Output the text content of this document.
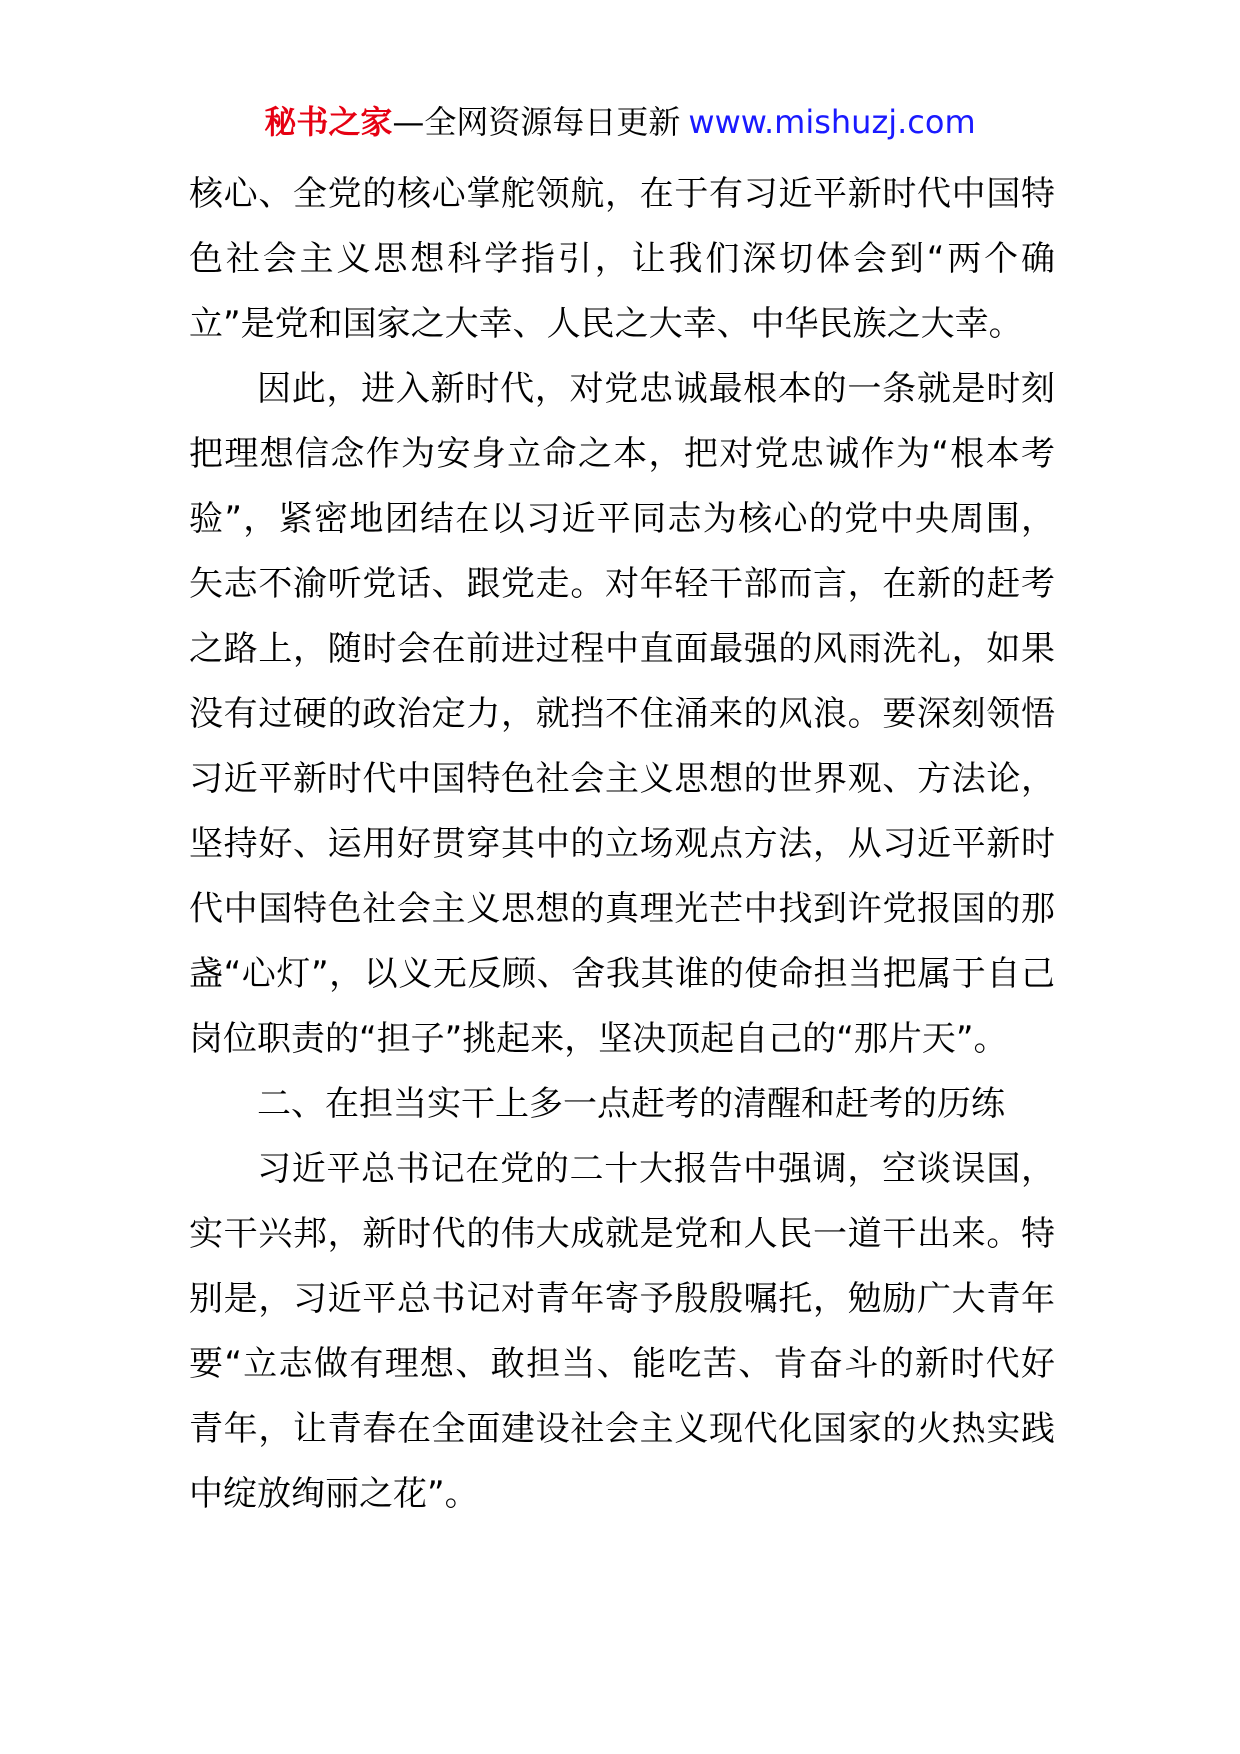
秘书之家—全网资源每日更新 www.mishuzj.com

核心、全党的核心掌舵领航，在于有习近平新时代中国特色社会主义思想科学指引，让我们深切体会到“两个确立”是党和国家之大幸、人民之大幸、中华民族之大幸。

因此，进入新时代，对党忠诚最根本的一条就是时刻把理想信念作为安身立命之本，把对党忠诚作为“根本考验”，紧密地团结在以习近平同志为核心的党中央周围，矢志不渝听党话、跟党走。对年轻干部而言，在新的赶考之路上，随时会在前进过程中直面最强的风雨洗礼，如果没有过硬的政治定力，就挡不住涌来的风浪。要深刻领悟习近平新时代中国特色社会主义思想的世界观、方法论，坚持好、运用好贯穿其中的立场观点方法，从习近平新时代中国特色社会主义思想的真理光芒中找到许党报国的那盏“心灯”，以义无反顾、舍我其谁的使命担当把属于自己岗位职责的“担子”挑起来，坚决顶起自己的“那片天”。

二、在担当实干上多一点赶考的清醒和赶考的历练

习近平总书记在党的二十大报告中强调，空谈误国，实干兴邦，新时代的伟大成就是党和人民一道干出来。特别是，习近平总书记对青年寄予殷殷嘱托，勉励广大青年要“立志做有理想、敢担当、能吃苦、肯奋斗的新时代好青年，让青春在全面建设社会主义现代化国家的火热实践中绽放绚丽之花”。
